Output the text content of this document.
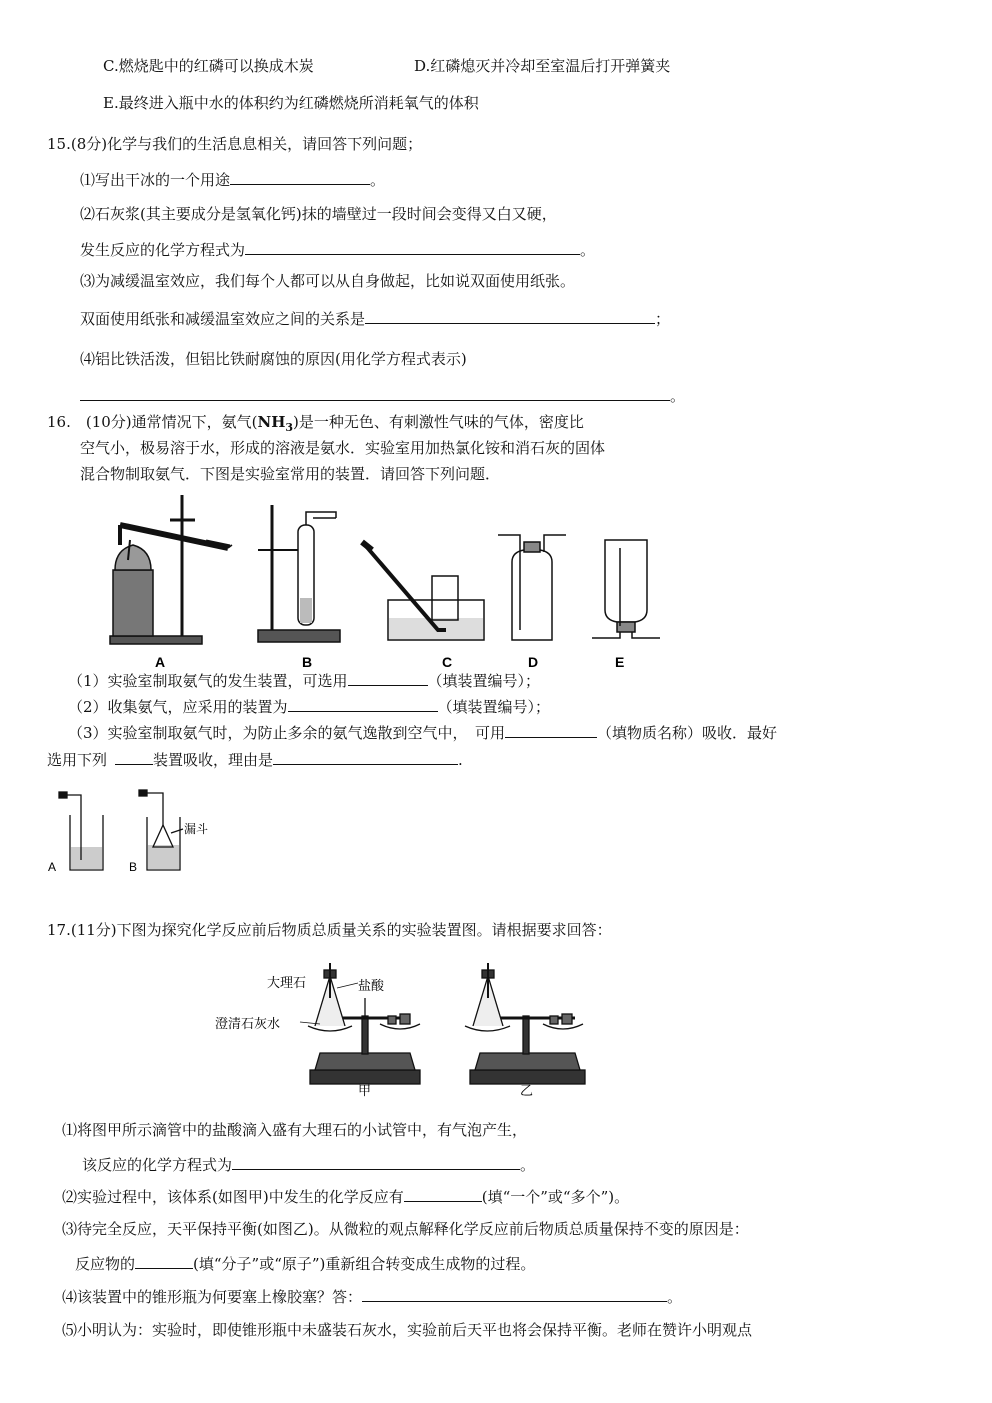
C.燃烧匙中的红磷可以换成木炭	D.红磷熄灭并冷却至室温后打开弹簧夹
E.最终进入瓶中水的体积约为红磷燃烧所消耗氧气的体积
15.(8分)化学与我们的生活息息相关，请回答下列问题；
⑴写出干冰的一个用途	。
⑵石灰浆(其主要成分是氢氧化钙)抹的墙壁过一段时间会变得又白又硬，
发生反应的化学方程式为	。
⑶为减缓温室效应，我们每个人都可以从自身做起，比如说双面使用纸张。
双面使用纸张和减缓温室效应之间的关系是	；
⑷铝比铁活泼，但铝比铁耐腐蚀的原因(用化学方程式表示)
。
16.　(10分)通常情况下，氨气$(NH_3)$是一种无色、有刺激性气味的气体，密度比
空气小，极易溶于水，形成的溶液是氨水．实验室用加热氯化铵和消石灰的固体
混合物制取氨气．下图是实验室常用的装置．请回答下列问题．
A	B	C	D	E
（1）实验室制取氨气的发生装置，可选用	（填装置编号）；
（2）收集氨气，应采用的装置为	（填装置编号）；
（3）实验室制取氨气时，为防止多余的氨气逸散到空气中，　可用	（填物质名称）吸收．最好
选用下列	装置吸收，理由是	.
A	B
漏斗
17.(11分)下图为探究化学反应前后物质总质量关系的实验装置图。请根据要求回答：
大理石	盐酸
澄清石灰水
甲	乙
⑴将图甲所示滴管中的盐酸滴入盛有大理石的小试管中，有气泡产生，
该反应的化学方程式为	。
⑵实验过程中，该体系(如图甲)中发生的化学反应有	(填“一个”或“多个”)。
⑶待完全反应，天平保持平衡(如图乙)。从微粒的观点解释化学反应前后物质总质量保持不变的原因是：
反应物的	(填“分子”或“原子”)重新组合转变成生成物的过程。
⑷该装置中的锥形瓶为何要塞上橡胶塞？答：	。
⑸小明认为：实验时，即使锥形瓶中未盛装石灰水，实验前后天平也将会保持平衡。老师在赞许小明观点
